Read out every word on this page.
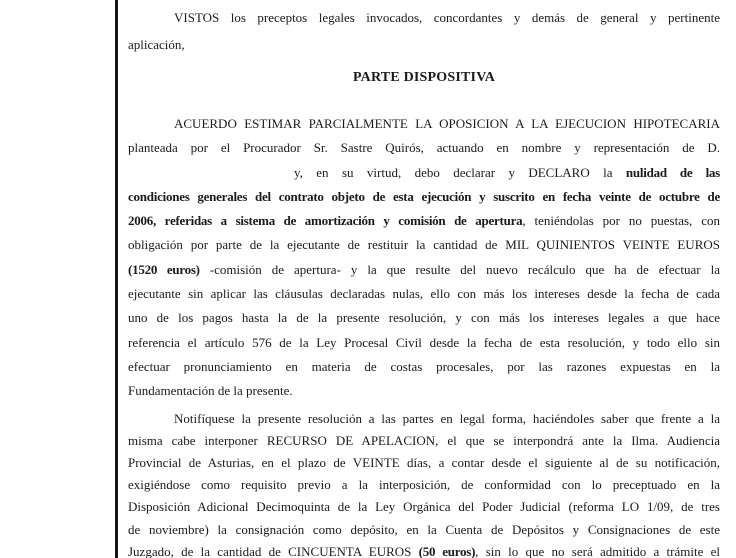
VISTOS los preceptos legales invocados, concordantes y demás de general y pertinente
aplicación,
PARTE DISPOSITIVA
ACUERDO ESTIMAR PARCIALMENTE LA OPOSICION A LA EJECUCION HIPOTECARIA
planteada por el Procurador Sr. Sastre Quirós, actuando en nombre y representación de D.
y, en su virtud, debo declarar y DECLARO la nulidad de las
condiciones generales del contrato objeto de esta ejecución y suscrito en fecha veinte de octubre de
2006, referidas a sistema de amortización y comisión de apertura, teniéndolas por no puestas, con
obligación por parte de la ejecutante de restituir la cantidad de MIL QUINIENTOS VEINTE EUROS
(1520 euros) -comisión de apertura- y la que resulte del nuevo recálculo que ha de efectuar la
ejecutante sin aplicar las cláusulas declaradas nulas, ello con más los intereses desde la fecha de cada
uno de los pagos hasta la de la presente resolución, y con más los intereses legales a que hace
referencia el artículo 576 de la Ley Procesal Civil desde la fecha de esta resolución, y todo ello sin
efectuar pronunciamiento en materia de costas procesales, por las razones expuestas en la
Fundamentación de la presente.
Notifíquese la presente resolución a las partes en legal forma, haciéndoles saber que frente a la
misma cabe interponer RECURSO DE APELACION, el que se interpondrá ante la Ilma. Audiencia
Provincial de Asturias, en el plazo de VEINTE días, a contar desde el siguiente al de su notificación,
exigiéndose como requisito previo a la interposición, de conformidad con lo preceptuado en la
Disposición Adicional Decimoquinta de la Ley Orgánica del Poder Judicial (reforma LO 1/09, de tres
de noviembre) la consignación como depósito, en la Cuenta de Depósitos y Consignaciones de este
Juzgado, de la cantidad de CINCUENTA EUROS (50 euros), sin lo que no será admitido a trámite el
